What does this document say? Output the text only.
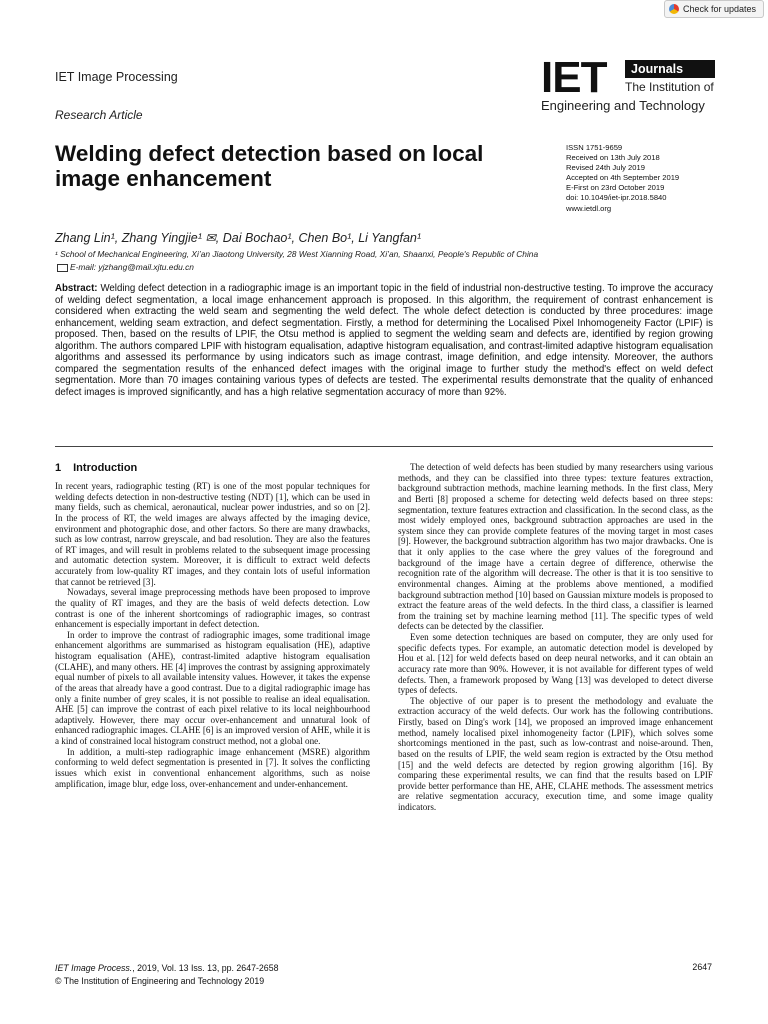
Check for updates
IET Image Processing
Research Article
IET	Journals
The Institution of
Engineering and Technology
Welding defect detection based on local image enhancement
ISSN 1751-9659
Received on 13th July 2018
Revised 24th July 2019
Accepted on 4th September 2019
E-First on 23rd October 2019
doi: 10.1049/iet-ipr.2018.5840
www.ietdl.org
Zhang Lin¹, Zhang Yingjie¹ ✉, Dai Bochao¹, Chen Bo¹, Li Yangfan¹
¹ School of Mechanical Engineering, Xi’an Jiaotong University, 28 West Xianning Road, Xi’an, Shaanxi, People's Republic of China
E-mail: yjzhang@mail.xjtu.edu.cn
Abstract: Welding defect detection in a radiographic image is an important topic in the field of industrial non-destructive testing. To improve the accuracy of welding defect segmentation, a local image enhancement approach is proposed. In this algorithm, the requirement of contrast enhancement is considered when extracting the weld seam and segmenting the weld defect. The whole defect detection is conducted by three procedures: image enhancement, welding seam extraction, and defect segmentation. Firstly, a method for determining the Localised Pixel Inhomogeneity Factor (LPIF) is proposed. Then, based on the results of LPIF, the Otsu method is applied to segment the welding seam and defects are, identified by region growing algorithm. The authors compared LPIF with histogram equalisation, adaptive histogram equalisation, and contrast-limited adaptive histogram equalisation algorithms and assessed its performance by using indicators such as image contrast, image definition, and edge intensity. Moreover, the authors compared the segmentation results of the enhanced defect images with the original image to further study the method's effect on weld defect segmentation. More than 70 images containing various types of defects are tested. The experimental results demonstrate that the quality of enhanced defect images is improved significantly, and has a high relative segmentation accuracy of more than 92%.
1 Introduction

In recent years, radiographic testing (RT) is one of the most popular techniques for welding defects detection in non-destructive testing (NDT) [1], which can be used in many fields, such as chemical, aeronautical, nuclear power industries, and so on [2]. In the process of RT, the weld images are always affected by the imaging device, environment and photographic dose, and other factors. So there are many drawbacks, such as low contrast, narrow greyscale, and bad resolution. They are also the features of RT images, and will result in problems related to the subsequent image processing and automatic detection system. Moreover, it is difficult to extract weld defects accurately from low-quality RT images, and they contain lots of useful information that cannot be retrieved [3].

Nowadays, several image preprocessing methods have been proposed to improve the quality of RT images, and they are the basis of weld defects detection. Low contrast is one of the inherent shortcomings of radiographic images, so contrast enhancement is especially important in defect detection.

In order to improve the contrast of radiographic images, some traditional image enhancement algorithms are summarised as histogram equalisation (HE), adaptive histogram equalisation (AHE), contrast-limited adaptive histogram equalisation (CLAHE), and many others. HE [4] improves the contrast by assigning approximately equal number of pixels to all available intensity values. However, it takes the expense of the areas that already have a good contrast. Due to a digital radiographic image has only a finite number of grey scales, it is not possible to realise an ideal equalisation. AHE [5] can improve the contrast of each pixel relative to its local neighbourhood adaptively. However, there may occur over-enhancement and unnatural look of enhanced radiographic images. CLAHE [6] is an improved version of AHE, while it is a kind of constrained local histogram construct method, not a global one.

In addition, a multi-step radiographic image enhancement (MSRE) algorithm conforming to weld defect segmentation is presented in [7]. It solves the conflicting issues which exist in conventional enhancement algorithms, such as noise amplification, image blur, edge loss, over-enhancement and under-enhancement.

The detection of weld defects has been studied by many researchers using various methods, and they can be classified into three types: texture features extraction, background subtraction methods, machine learning methods. In the first class, Mery and Berti [8] proposed a scheme for detecting weld defects based on three steps: segmentation, texture features extraction and classification. In the second class, as the most widely employed ones, background subtraction approaches are used in the system since they can provide complete features of the moving target in most cases [9]. However, the background subtraction algorithm has two major drawbacks. One is that it only applies to the case where the grey values of the foreground and background of the image have a certain degree of difference, otherwise the recognition rate of the algorithm will decrease. The other is that it is too sensitive to environmental changes. Aiming at the problems above mentioned, a modified background subtraction method [10] based on Gaussian mixture models is proposed to extract the feature areas of the weld defects. In the third class, a classifier is learned from the training set by machine learning method [11]. The specific types of weld defects can be detected by the classifier.

Even some detection techniques are based on computer, they are only used for specific defects types. For example, an automatic detection model is developed by Hou et al. [12] for weld defects based on deep neural networks, and it can obtain an accuracy rate more than 90%. However, it is not available for different types of weld defects. Then, a framework proposed by Wang [13] was developed to detect diverse types of defects.

The objective of our paper is to present the methodology and evaluate the extraction accuracy of the weld defects. Our work has the following contributions. Firstly, based on Ding's work [14], we proposed an improved image enhancement method, namely localised pixel inhomogeneity factor (LPIF), which solves some shortcomings mentioned in the past, such as low-contrast and noise-around. Then, based on the results of LPIF, the weld seam region is extracted by the Otsu method [15] and the weld defects are detected by region growing algorithm [16]. By comparing these experimental results, we can find that the results based on LPIF provide better performance than HE, AHE, CLAHE methods. The assessment metrics are relative segmentation accuracy, execution time, and some image quality indicators.

IET Image Process., 2019, Vol. 13 Iss. 13, pp. 2647-2658
© The Institution of Engineering and Technology 2019
2647
